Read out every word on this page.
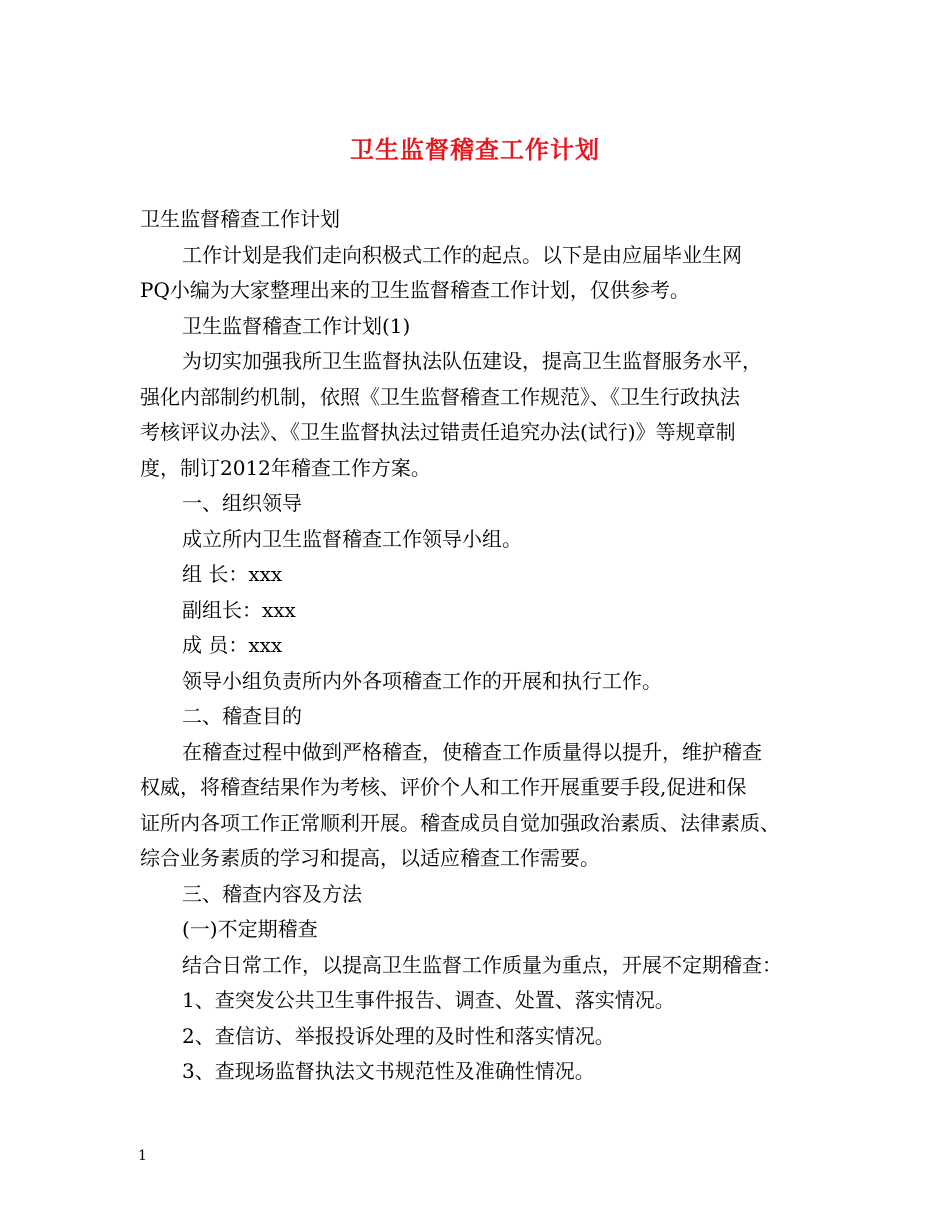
卫生监督稽查工作计划

卫生监督稽查工作计划

工作计划是我们走向积极式工作的起点。以下是由应届毕业生网

PQ小编为大家整理出来的卫生监督稽查工作计划，仅供参考。

卫生监督稽查工作计划(1)

为切实加强我所卫生监督执法队伍建设，提高卫生监督服务水平，

强化内部制约机制，依照《卫生监督稽查工作规范》、《卫生行政执法

考核评议办法》、《卫生监督执法过错责任追究办法(试行)》等规章制

度，制订2012年稽查工作方案。

一、组织领导

成立所内卫生监督稽查工作领导小组。

组 长：xxx

副组长：xxx

成 员：xxx

领导小组负责所内外各项稽查工作的开展和执行工作。

二、稽查目的

在稽查过程中做到严格稽查，使稽查工作质量得以提升，维护稽查

权威，将稽查结果作为考核、评价个人和工作开展重要手段,促进和保

证所内各项工作正常顺利开展。稽查成员自觉加强政治素质、法律素质、

综合业务素质的学习和提高，以适应稽查工作需要。

三、稽查内容及方法

(一)不定期稽查

结合日常工作，以提高卫生监督工作质量为重点，开展不定期稽查：

1、查突发公共卫生事件报告、调查、处置、落实情况。

2、查信访、举报投诉处理的及时性和落实情况。

3、查现场监督执法文书规范性及准确性情况。

1
